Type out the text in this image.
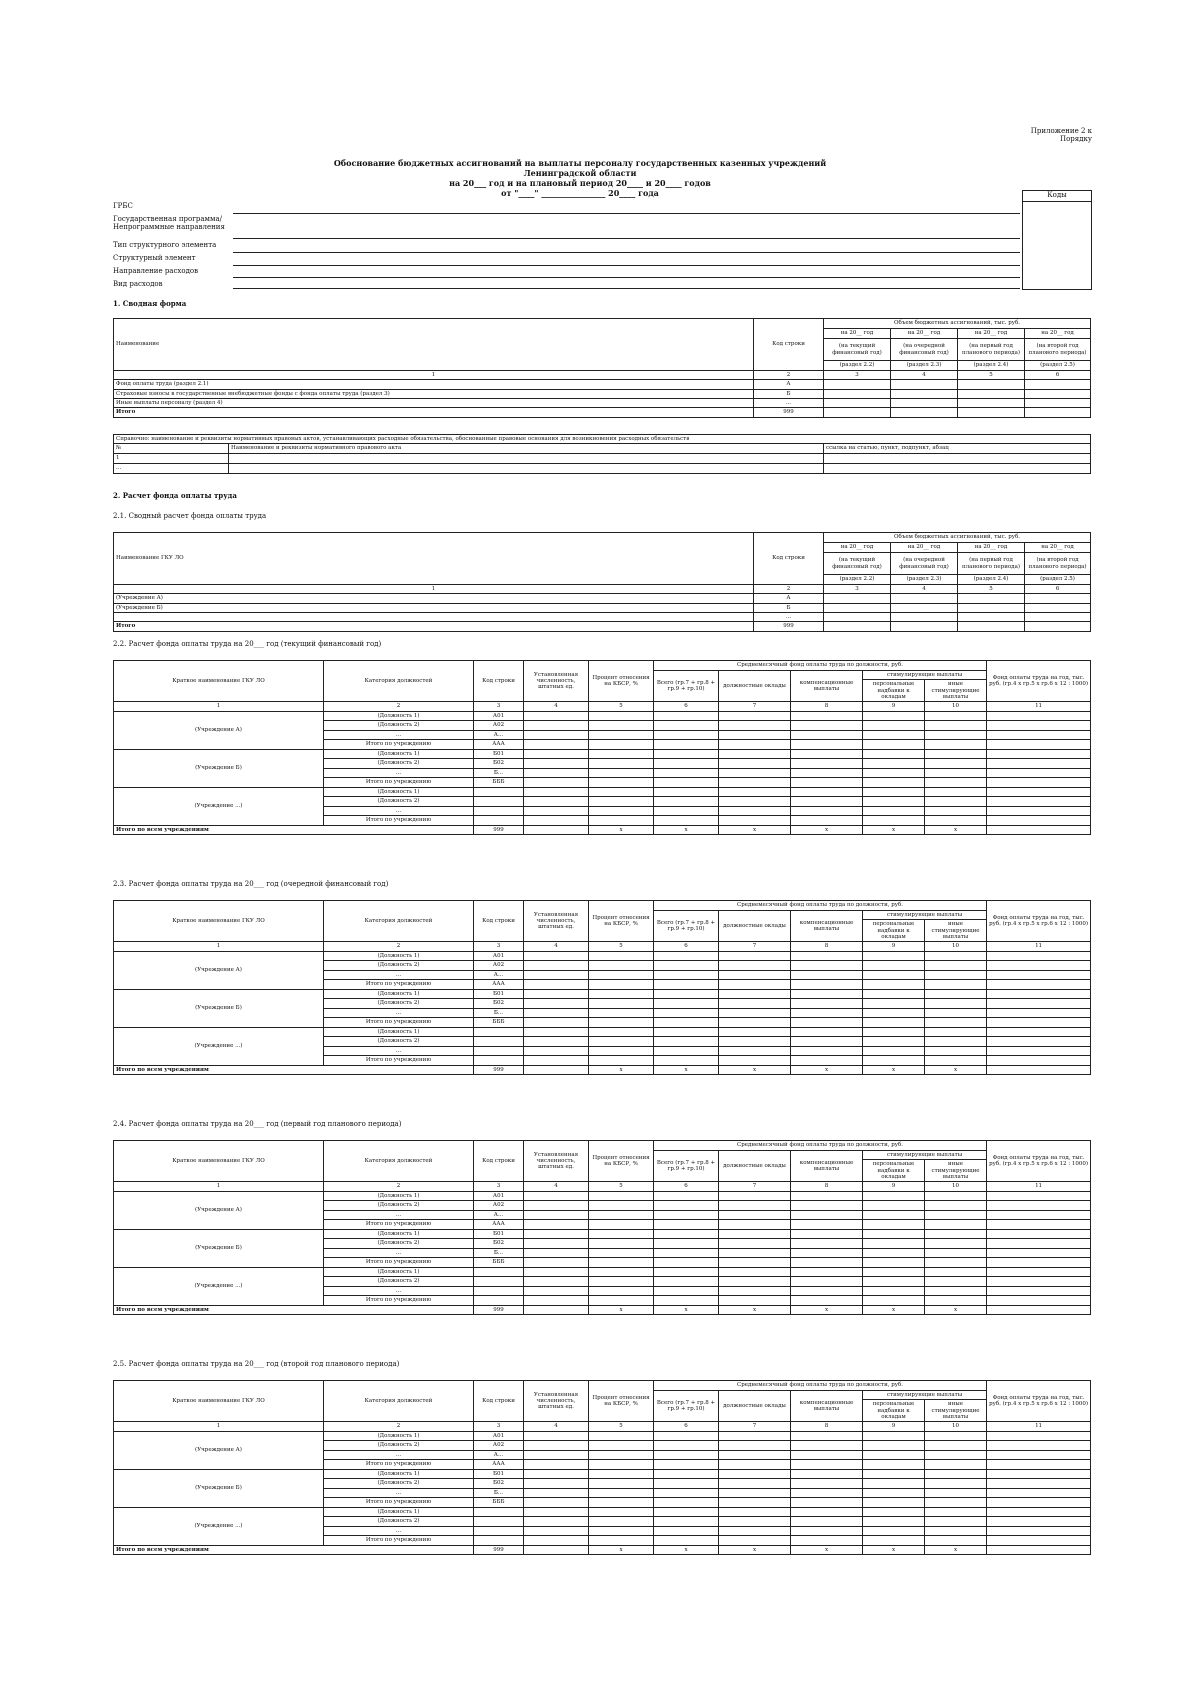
Приложение 2 к
Порядку
Обоснование бюджетных ассигнований на выплаты персоналу государственных казенных учреждений Ленинградской области
на 20___ год и на плановый период 20____ и 20____ годов
от "____" ________________ 20____ года	Коды
ГРБС
Государственная программа/Непрограммные направления
Тип структурного элемента
Структурный элемент
Направление расходов
Вид расходов
1. Сводная форма
Наименование	Код строки	Объем бюджетных ассигнований, тыс. руб.			
		на 20__ год	на 20__ год	на 20__ год	на 20__ год
		(на текущий финансовый год)	(на очередной финансовый год)	(на первый год планового периода)	(на второй год планового периода)
		(раздел 2.2)	(раздел 2.3)	(раздел 2.4)	(раздел 2.5)
1	2	3	4	5	6
Фонд оплаты труда (раздел 2.1)	А				
Страховые взносы в государственные внебюджетные фонды с фонда оплаты труда (раздел 3)	Б				
Иные выплаты персоналу (раздел 4)	...				
Итого	999				
Справочно: наименование и реквизиты нормативных правовых актов, устанавливающих расходные обязательства, обоснованные правовые основания для возникновения расходных обязательств		
№	Наименование и реквизиты нормативного правового акта	ссылка на статью, пункт, подпункт, абзац
1		
...		
2. Расчет фонда оплаты труда
2.1. Сводный расчет фонда оплаты труда
Наименование ГКУ ЛО	Код строки	Объем бюджетных ассигнований, тыс. руб.			
		на 20__ год	на 20__ год	на 20__ год	на 20__ год
		(на текущий финансовый год)	(на очередной финансовый год)	(на первый год планового периода)	(на второй год планового периода)
		(раздел 2.2)	(раздел 2.3)	(раздел 2.4)	(раздел 2.5)
1	2	3	4	5	6
(Учреждение А)	А				
(Учреждение Б)	Б				
	...				
Итого	999				
2.2. Расчет фонда оплаты труда на 20___ год (текущий финансовый год)
Краткое наименование ГКУ ЛО	Категория должностей	Код строки	Установленная численность, штатных ед.	Процент отнесения на КБСР, %	Среднемесячный фонд оплаты труда по должности, руб.					Фонд оплаты труда на год, тыс. руб. (гр.4 х гр.5 х гр.6 х 12 : 1000)
					Всего (гр.7 + гр.8 + гр.9 + гр.10)	должностные оклады	компенсационные выплаты	стимулирующие выплаты		
								персональные надбавки к окладам	иные стимулирующие выплаты	
1	2	3	4	5	6	7	8	9	10	11
(Учреждение А)	(Должность 1)	А01								
	(Должность 2)	А02								
	...	А...								
	Итого по учреждению	ААА								
(Учреждение Б)	(Должность 1)	Б01								
	(Должность 2)	Б02								
	...	Б...								
	Итого по учреждению	БББ								
(Учреждение ...)	(Должность 1)									
	(Должность 2)									
	...									
	Итого по учреждению									
Итого по всем учреждениям		999		x	x	x	x	x	x	
2.3. Расчет фонда оплаты труда на 20___ год (очередной финансовый год)
Краткое наименование ГКУ ЛО	Категория должностей	Код строки	Установленная численность, штатных ед.	Процент отнесения на КБСР, %	Среднемесячный фонд оплаты труда по должности, руб.					Фонд оплаты труда на год, тыс. руб. (гр.4 х гр.5 х гр.6 х 12 : 1000)
					Всего (гр.7 + гр.8 + гр.9 + гр.10)	должностные оклады	компенсационные выплаты	стимулирующие выплаты		
								персональные надбавки к окладам	иные стимулирующие выплаты	
1	2	3	4	5	6	7	8	9	10	11
(Учреждение А)	(Должность 1)	А01								
	(Должность 2)	А02								
	...	А...								
	Итого по учреждению	ААА								
(Учреждение Б)	(Должность 1)	Б01								
	(Должность 2)	Б02								
	...	Б...								
	Итого по учреждению	БББ								
(Учреждение ...)	(Должность 1)									
	(Должность 2)									
	...									
	Итого по учреждению									
Итого по всем учреждениям		999		x	x	x	x	x	x	
2.4. Расчет фонда оплаты труда на 20___ год (первый год планового периода)
Краткое наименование ГКУ ЛО	Категория должностей	Код строки	Установленная численность, штатных ед.	Процент отнесения на КБСР, %	Среднемесячный фонд оплаты труда по должности, руб.					Фонд оплаты труда на год, тыс. руб. (гр.4 х гр.5 х гр.6 х 12 : 1000)
					Всего (гр.7 + гр.8 + гр.9 + гр.10)	должностные оклады	компенсационные выплаты	стимулирующие выплаты		
								персональные надбавки к окладам	иные стимулирующие выплаты	
1	2	3	4	5	6	7	8	9	10	11
(Учреждение А)	(Должность 1)	А01								
	(Должность 2)	А02								
	...	А...								
	Итого по учреждению	ААА								
(Учреждение Б)	(Должность 1)	Б01								
	(Должность 2)	Б02								
	...	Б...								
	Итого по учреждению	БББ								
(Учреждение ...)	(Должность 1)									
	(Должность 2)									
	...									
	Итого по учреждению									
Итого по всем учреждениям		999		x	x	x	x	x	x	
2.5. Расчет фонда оплаты труда на 20___ год (второй год планового периода)
Краткое наименование ГКУ ЛО	Категория должностей	Код строки	Установленная численность, штатных ед.	Процент отнесения на КБСР, %	Среднемесячный фонд оплаты труда по должности, руб.					Фонд оплаты труда на год, тыс. руб. (гр.4 х гр.5 х гр.6 х 12 : 1000)
					Всего (гр.7 + гр.8 + гр.9 + гр.10)	должностные оклады	компенсационные выплаты	стимулирующие выплаты		
								персональные надбавки к окладам	иные стимулирующие выплаты	
1	2	3	4	5	6	7	8	9	10	11
(Учреждение А)	(Должность 1)	А01								
	(Должность 2)	А02								
	...	А...								
	Итого по учреждению	ААА								
(Учреждение Б)	(Должность 1)	Б01								
	(Должность 2)	Б02								
	...	Б...								
	Итого по учреждению	БББ								
(Учреждение ...)	(Должность 1)									
	(Должность 2)									
	...									
	Итого по учреждению									
Итого по всем учреждениям		999		x	x	x	x	x	x	
